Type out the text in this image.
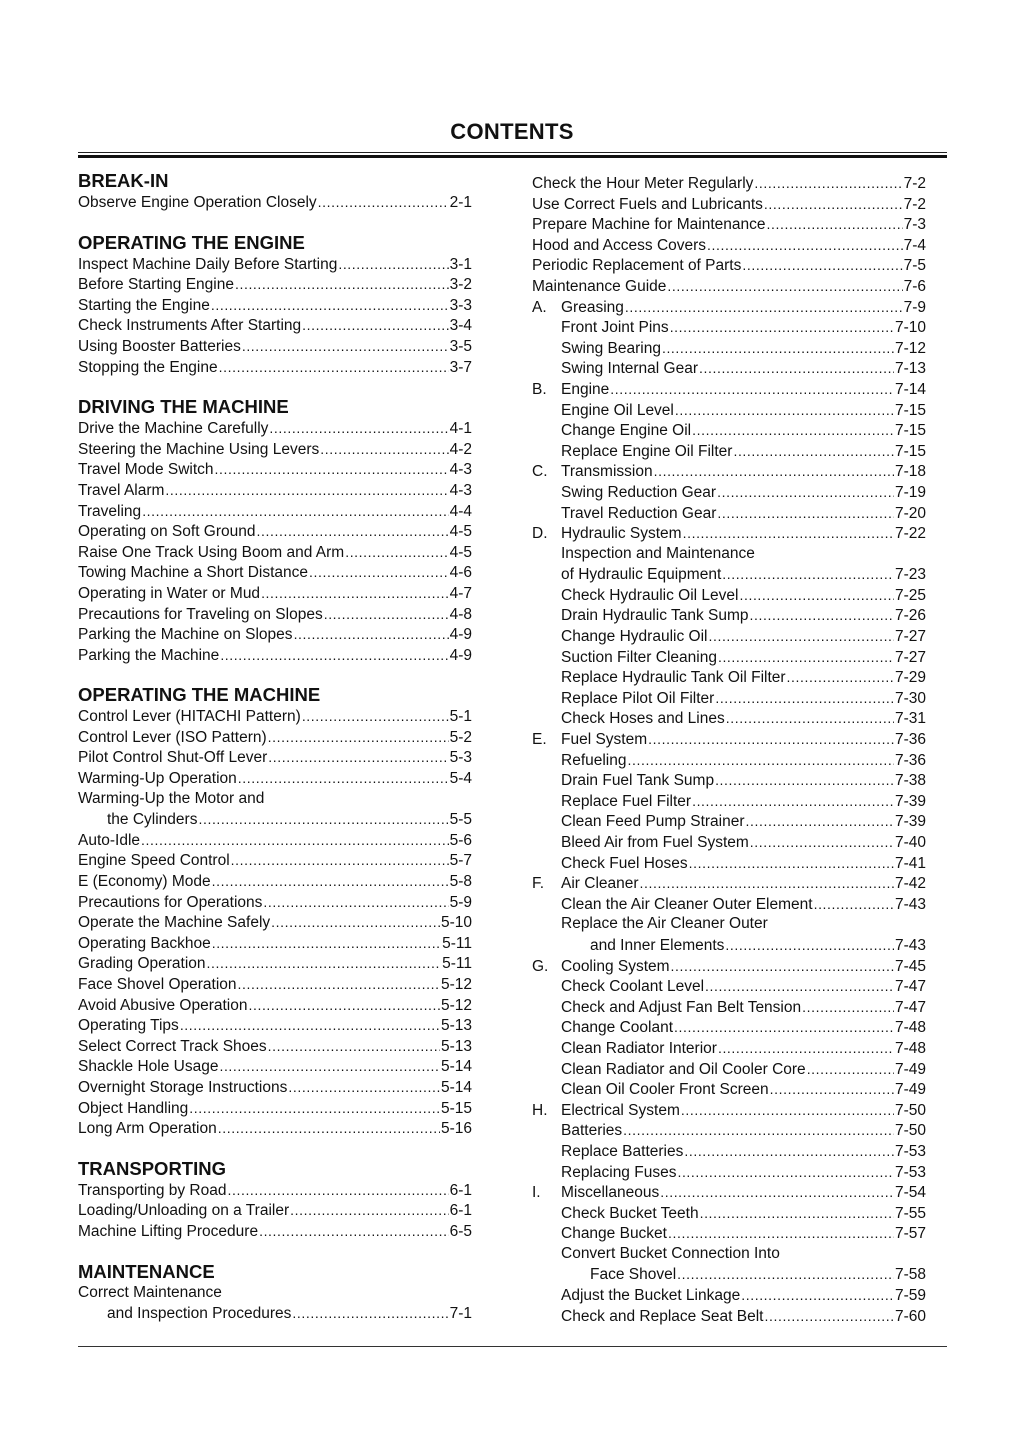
CONTENTS
BREAK-IN
Observe Engine Operation Closely .....	2-1
OPERATING THE ENGINE
Inspect Machine Daily Before Starting .....	3-1
Before Starting Engine .....	3-2
Starting the Engine .....	3-3
Check Instruments After Starting .....	3-4
Using Booster Batteries .....	3-5
Stopping the Engine .....	3-7
DRIVING THE MACHINE
Drive the Machine Carefully .....	4-1
Steering the Machine Using Levers .....	4-2
Travel Mode Switch .....	4-3
Travel Alarm .....	4-3
Traveling .....	4-4
Operating on Soft Ground .....	4-5
Raise One Track Using Boom and Arm .....	4-5
Towing Machine a Short Distance .....	4-6
Operating in Water or Mud .....	4-7
Precautions for Traveling on Slopes .....	4-8
Parking the Machine on Slopes .....	4-9
Parking the Machine .....	4-9
OPERATING THE MACHINE
Control Lever (HITACHI Pattern) .....	5-1
Control Lever (ISO Pattern) .....	5-2
Pilot Control Shut-Off Lever .....	5-3
Warming-Up Operation .....	5-4
Warming-Up the Motor and
the Cylinders .....	5-5
Auto-Idle .....	5-6
Engine Speed Control .....	5-7
E (Economy) Mode .....	5-8
Precautions for Operations .....	5-9
Operate the Machine Safely .....	5-10
Operating Backhoe .....	5-11
Grading Operation .....	5-11
Face Shovel Operation .....	5-12
Avoid Abusive Operation .....	5-12
Operating Tips .....	5-13
Select Correct Track Shoes .....	5-13
Shackle Hole Usage .....	5-14
Overnight Storage Instructions .....	5-14
Object Handling .....	5-15
Long Arm Operation .....	5-16
TRANSPORTING
Transporting by Road .....	6-1
Loading/Unloading on a Trailer .....	6-1
Machine Lifting Procedure .....	6-5
MAINTENANCE
Correct Maintenance
and Inspection Procedures .....	7-1
Check the Hour Meter Regularly .....	7-2
Use Correct Fuels and Lubricants .....	7-2
Prepare Machine for Maintenance .....	7-3
Hood and Access Covers .....	7-4
Periodic Replacement of Parts .....	7-5
Maintenance Guide .....	7-6
A. Greasing .....	7-9
Front Joint Pins .....	7-10
Swing Bearing .....	7-12
Swing Internal Gear .....	7-13
B. Engine .....	7-14
Engine Oil Level .....	7-15
Change Engine Oil .....	7-15
Replace Engine Oil Filter .....	7-15
C. Transmission .....	7-18
Swing Reduction Gear .....	7-19
Travel Reduction Gear .....	7-20
D. Hydraulic System .....	7-22
Inspection and Maintenance
of Hydraulic Equipment .....	7-23
Check Hydraulic Oil Level .....	7-25
Drain Hydraulic Tank Sump .....	7-26
Change Hydraulic Oil .....	7-27
Suction Filter Cleaning .....	7-27
Replace Hydraulic Tank Oil Filter .....	7-29
Replace Pilot Oil Filter .....	7-30
Check Hoses and Lines .....	7-31
E. Fuel System .....	7-36
Refueling .....	7-36
Drain Fuel Tank Sump .....	7-38
Replace Fuel Filter .....	7-39
Clean Feed Pump Strainer .....	7-39
Bleed Air from Fuel System .....	7-40
Check Fuel Hoses .....	7-41
F.	Air Cleaner .....	7-42
Clean the Air Cleaner Outer Element .....	7-43
Replace the Air Cleaner Outer
and Inner Elements .....	7-43
G. Cooling System .....	7-45
Check Coolant Level .....	7-47
Check and Adjust Fan Belt Tension .....	7-47
Change Coolant .....	7-48
Clean Radiator Interior .....	7-48
Clean Radiator and Oil Cooler Core .....	7-49
Clean Oil Cooler Front Screen .....	7-49
H. Electrical System .....	7-50
Batteries .....	7-50
Replace Batteries .....	7-53
Replacing Fuses .....	7-53
I.	Miscellaneous .....	7-54
Check Bucket Teeth .....	7-55
Change Bucket .....	7-57
Convert Bucket Connection Into
Face Shovel .....	7-58
Adjust the Bucket Linkage .....	7-59
Check and Replace Seat Belt .....	7-60
